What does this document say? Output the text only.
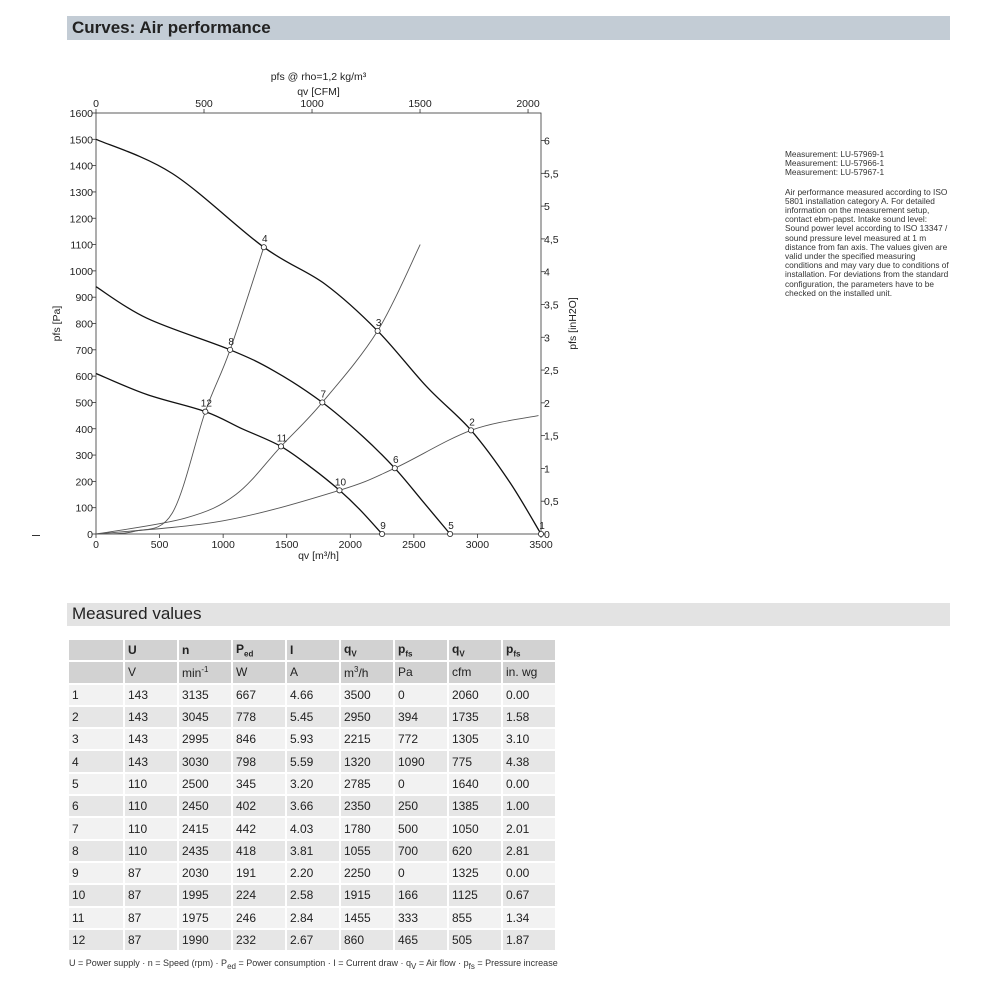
Curves: Air performance
0	500	1000	1500	2000	2500	3000	3500
0
100
200
300
400
500
600
700
800
900
1000
1100
1200
1300
1400
1500
1600
0	500	1000	1500	2000
0
0,5
1
1,5
2
2,5
3
3,5
4
4,5
5
5,5
6
pfs @ rho=1,2 kg/m³
qv [CFM]
qv [m³/h]
pfs [Pa]	pfs [inH2O]
1
2
3
4
5
6
7
8
9
10
11
12
Measurement: LU-57969-1
Measurement: LU-57966-1
Measurement: LU-57967-1

Air performance measured according to ISO
5801 installation category A. For detailed
information on the measurement setup,
contact ebm-papst. Intake sound level:
Sound power level according to ISO 13347 /
sound pressure level measured at 1 m
distance from fan axis. The values given are
valid under the specified measuring
conditions and may vary due to conditions of
installation. For deviations from the standard
configuration, the parameters have to be
checked on the installed unit.

Measured values
	U	n	$P_{ed}$	I	$q_V$	$p_{fs}$	$q_V$	$p_{fs}$
	V	$\min^{-1}$	W	A	$m^3/h$	Pa	cfm	in. wg
1	143	3135	667	4.66	3500	0	2060	0.00
2	143	3045	778	5.45	2950	394	1735	1.58
3	143	2995	846	5.93	2215	772	1305	3.10
4	143	3030	798	5.59	1320	1090	775	4.38
5	110	2500	345	3.20	2785	0	1640	0.00
6	110	2450	402	3.66	2350	250	1385	1.00
7	110	2415	442	4.03	1780	500	1050	2.01
8	110	2435	418	3.81	1055	700	620	2.81
9	87	2030	191	2.20	2250	0	1325	0.00
10	87	1995	224	2.58	1915	166	1125	0.67
11	87	1975	246	2.84	1455	333	855	1.34
12	87	1990	232	2.67	860	465	505	1.87
U = Power supply · n = Speed $(rpm) \cdot P_{ed}$ = Power consumption · I = Current draw · $q_V$ = Air flow · $p_{fs}$ = Pressure increase
